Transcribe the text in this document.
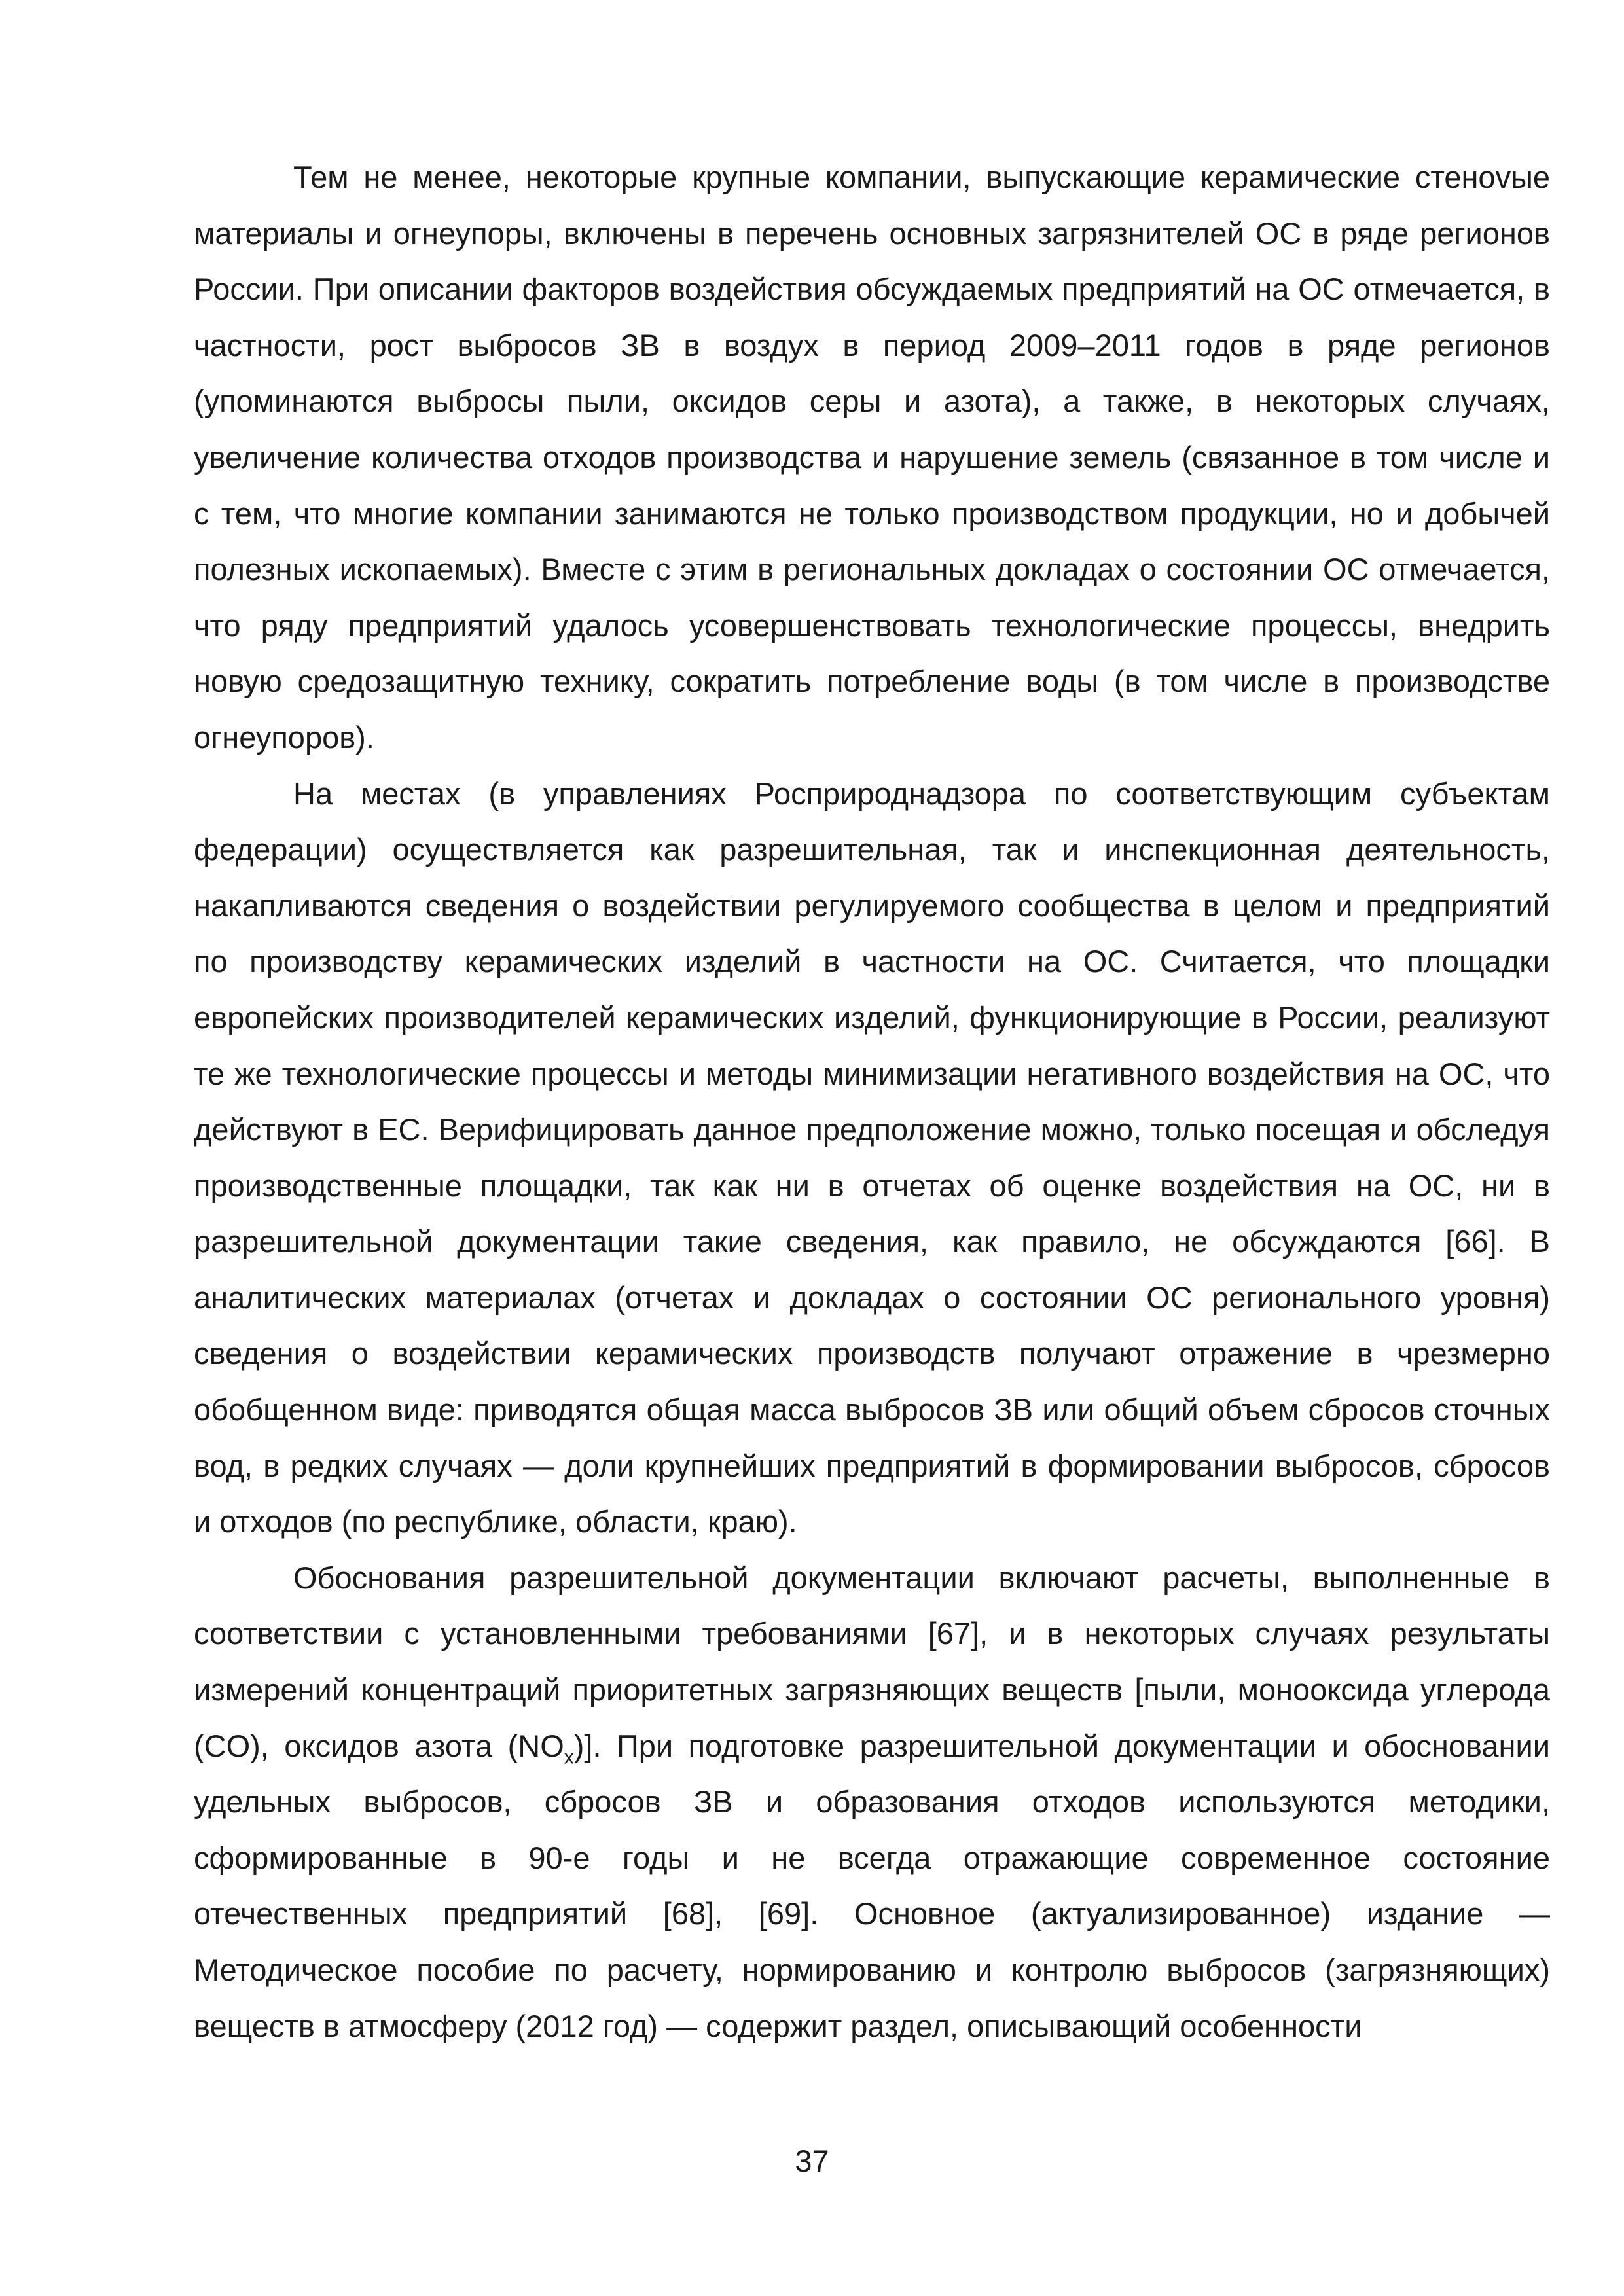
Тем не менее, некоторые крупные компании, выпускающие керамические стеноvые материалы и огнеупоры, включены в перечень основных загрязнителей ОС в ряде регионов России. При описании факторов воздействия обсуждаемых предприятий на ОС отмечается, в частности, рост выбросов ЗВ в воздух в период 2009–2011 годов в ряде регионов (упоминаются выбросы пыли, оксидов серы и азота), а также, в некоторых случаях, увеличение количества отходов производства и нарушение земель (связанное в том числе и с тем, что многие компании занимаются не только производством продукции, но и добычей полезных ископаемых). Вместе с этим в региональных докладах о состоянии ОС отмечается, что ряду предприятий удалось усовершенствовать технологические процессы, внедрить новую средозащитную технику, сократить потребление воды (в том числе в производстве огнеупоров).

На местах (в управлениях Росприроднадзора по соответствующим субъектам федерации) осуществляется как разрешительная, так и инспекционная деятельность, накапливаются сведения о воздействии регулируемого сообщества в целом и предприятий по производству керамических изделий в частности на ОС. Считается, что площадки европейских производителей керамических изделий, функционирующие в России, реализуют те же технологические процессы и методы минимизации негативного воздействия на ОС, что действуют в ЕС. Верифицировать данное предположение можно, только посещая и обследуя производственные площадки, так как ни в отчетах об оценке воздействия на ОС, ни в разрешительной документации такие сведения, как правило, не обсуждаются [66]. В аналитических материалах (отчетах и докладах о состоянии ОС регионального уровня) сведения о воздействии керамических производств получают отражение в чрезмерно обобщенном виде: приводятся общая масса выбросов ЗВ или общий объем сбросов сточных вод, в редких случаях — доли крупнейших предприятий в формировании выбросов, сбросов и отходов (по республике, области, краю).

Обоснования разрешительной документации включают расчеты, выполненные в соответствии с установленными требованиями [67], и в некоторых случаях результаты измерений концентраций приоритетных загрязняющих веществ [пыли, монооксида углерода (CO), оксидов азота $(NO_x)$]. При подготовке разрешительной документации и обосновании удельных выбросов, сбросов ЗВ и образования отходов используются методики, сформированные в 90-е годы и не всегда отражающие современное состояние отечественных предприятий [68], [69]. Основное (актуализированное) издание — Методическое пособие по расчету, нормированию и контролю выбросов (загрязняющих) веществ в атмосферу (2012 год) — содержит раздел, описывающий особенности

37
